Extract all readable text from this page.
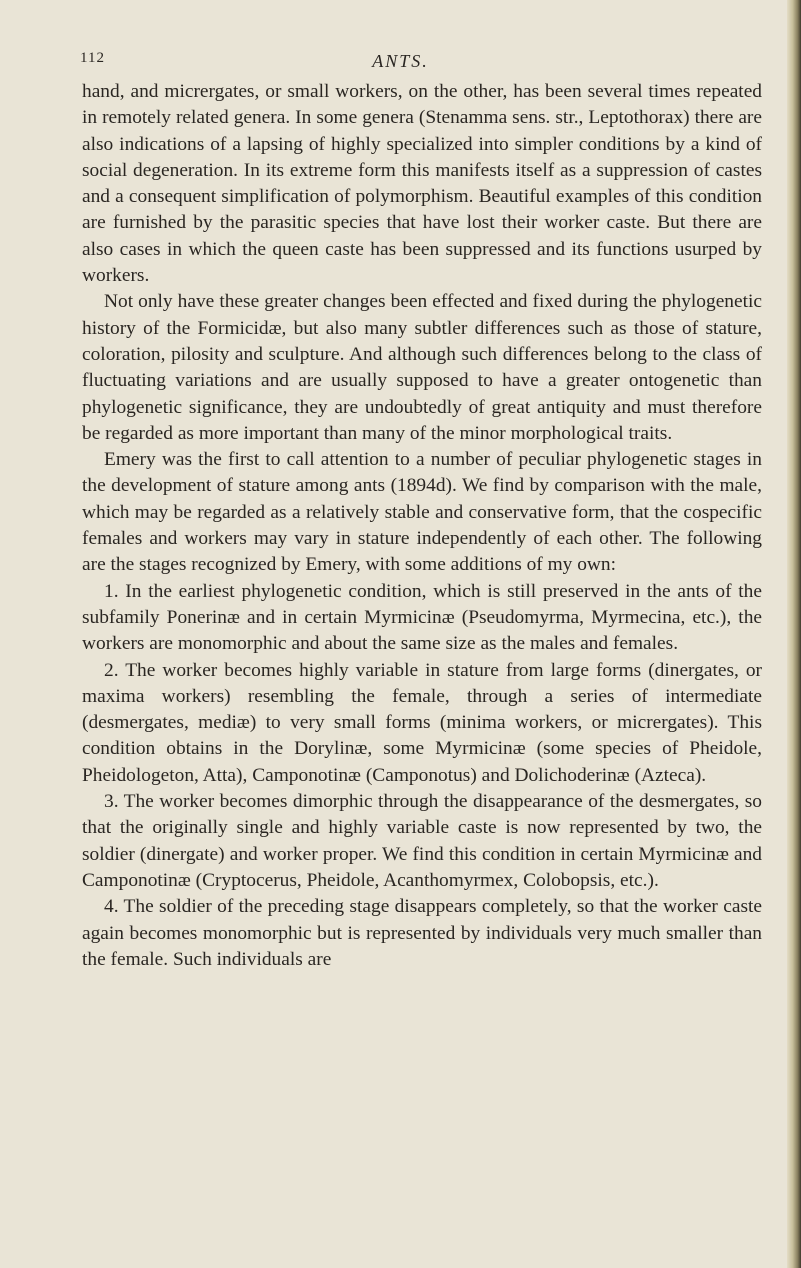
112	ANTS.

hand, and micrergates, or small workers, on the other, has been several times repeated in remotely related genera. In some genera (Stenamma sens. str., Leptothorax) there are also indications of a lapsing of highly specialized into simpler conditions by a kind of social degeneration. In its extreme form this manifests itself as a suppression of castes and a consequent simplification of polymorphism. Beautiful examples of this condition are furnished by the parasitic species that have lost their worker caste. But there are also cases in which the queen caste has been suppressed and its functions usurped by workers.

Not only have these greater changes been effected and fixed during the phylogenetic history of the Formicidæ, but also many subtler differences such as those of stature, coloration, pilosity and sculpture. And although such differences belong to the class of fluctuating variations and are usually supposed to have a greater ontogenetic than phylogenetic significance, they are undoubtedly of great antiquity and must therefore be regarded as more important than many of the minor morphological traits.

Emery was the first to call attention to a number of peculiar phylogenetic stages in the development of stature among ants (1894d). We find by comparison with the male, which may be regarded as a relatively stable and conservative form, that the cospecific females and workers may vary in stature independently of each other. The following are the stages recognized by Emery, with some additions of my own:

1. In the earliest phylogenetic condition, which is still preserved in the ants of the subfamily Ponerinæ and in certain Myrmicinæ (Pseudomyrma, Myrmecina, etc.), the workers are monomorphic and about the same size as the males and females.

2. The worker becomes highly variable in stature from large forms (dinergates, or maxima workers) resembling the female, through a series of intermediate (desmergates, mediæ) to very small forms (minima workers, or micrergates). This condition obtains in the Dorylinæ, some Myrmicinæ (some species of Pheidole, Pheidologeton, Atta), Camponotinæ (Camponotus) and Dolichoderinæ (Azteca).

3. The worker becomes dimorphic through the disappearance of the desmergates, so that the originally single and highly variable caste is now represented by two, the soldier (dinergate) and worker proper. We find this condition in certain Myrmicinæ and Camponotinæ (Cryptocerus, Pheidole, Acanthomyrmex, Colobopsis, etc.).

4. The soldier of the preceding stage disappears completely, so that the worker caste again becomes monomorphic but is represented by individuals very much smaller than the female. Such individuals are
